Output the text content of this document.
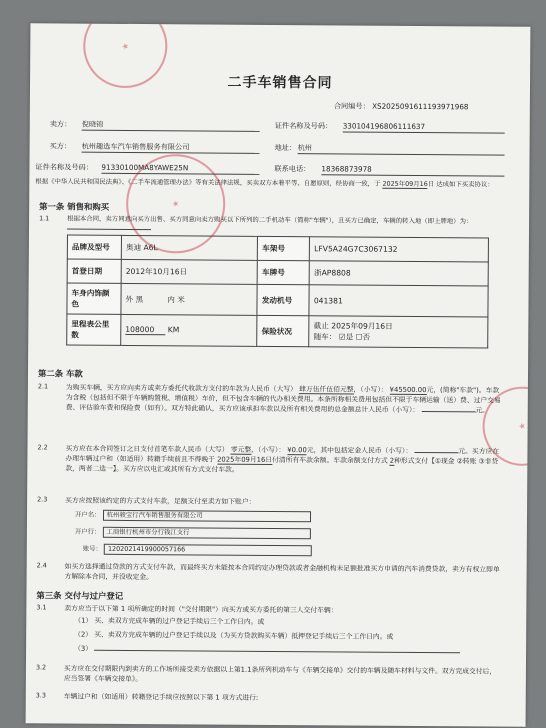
★
★
★
二手车销售合同
合同编号： XS2025091611193971968
卖方： 倪晓锦	证件名称及号码： 330104196806111637
买方： 杭州趣选车汽车销售服务有限公司	地址： 杭州
证件名称及号码： 91330100MA8YAWE25N	联系电话： 18368873978
根据《中华人民共和国民法典》、《二手车流通管理办法》等有关法律法规，买卖双方本着平等、自愿原则，经协商一致，于 2025年09月16日 达成如下买卖协议：
第一条 销售和购买
1.1	根据本合同，卖方同意向买方出售、买方同意向卖方购买以下所列的二手机动车（简称"车辆"），且买方已确定，车辆的转入地（即上牌地）为：
品牌及型号	奥迪 A6L	车架号	LFV5A24G7C3067132
首登日期	2012年10月16日	车牌号	浙AP8808
车身内饰颜色	外 黑 内 米	发动机号	041381
里程表公里数	108000 KM	保险状况	截止 2025年09月16日
随车： ☑是 ☐否
第二条 车款
2.1	为购买车辆，买方应向卖方或卖方委托代收款方支付的车款为人民币（大写） 肆万伍仟伍佰元整，（小写）： ¥45500.00元，(简称"车款")。车款为含税（包括但不限于车辆购置税、增值税）车价，但不包含车辆的代办相关费用。本条所称相关费用包括但不限于车辆运输（送）费、过户交易费、评估验车费和保险费（如有）。双方特此确认，买方应该承担车款以及所有相关费用的总金额总计人民币（小写）：	元。
2.2	买方应在本合同签订之日支付首笔车款人民币（大写） 零元整，（小写）： ¥0.00元，其中包括定金人民币（小写）：	元。买方应在办理车辆过户和（如适用）转籍手续前且不得晚于 2025年09月16日付清所有车款余额。车款余额支付方式 2种形式支付【①现金 ②转账 ③非贷款，两者二选一】。买方应以电汇或其所有方式支付车款。
2.3	买方应按照该约定的方式支付车款，足额支付至卖方如下账户：
开户名： 杭州骏宝行汽车销售服务有限公司
开户行： 工商银行杭州市分行钱江支行
账号： 1202021419900057166
2.4	如买方选择通过贷款的方式支付车款，而最终买方未能按本合同约定办理贷款或者金融机构未足额批准买方申请的汽车消费贷款，卖方有权立即单方解除本合同，并没收定金。
第三条 交付与过户登记
3.1	卖方应当于以下第 1 项所确定的时间（"交付期限"）向买方或买方委托的第三人交付车辆：
（1） 买、卖双方完成车辆的过户登记手续后三个工作日内。或
（2） 买、卖双方完成车辆的过户登记手续以及（为买方贷款购买车辆）抵押登记手续后三个工作日内。或
（3）
3.2	买方应在交付期限内到卖方的工作场所接受卖方依据以上第1.1条所列机动车与《车辆交接单》交付的车辆及随车材料与文件。双方完成交付后，应当签署《车辆交接单》。
3.3	车辆过户和（如适用）转籍登记手续应按照以下第 1 项方式进行:
